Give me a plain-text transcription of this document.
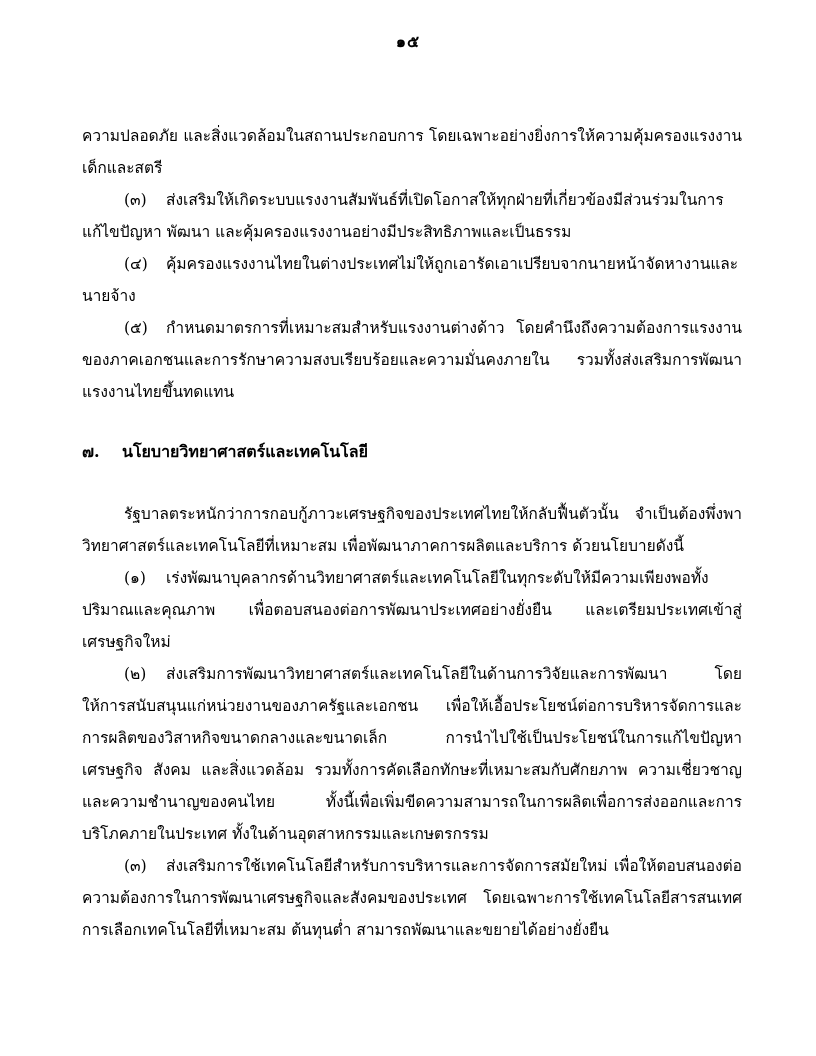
๑๕

ความปลอดภัย และสิ่งแวดล้อมในสถานประกอบการ โดยเฉพาะอย่างยิ่งการให้ความคุ้มครองแรงงานเด็กและสตรี

(๓) ส่งเสริมให้เกิดระบบแรงงานสัมพันธ์ที่เปิดโอกาสให้ทุกฝ่ายที่เกี่ยวข้องมีส่วนร่วมในการแก้ไขปัญหา พัฒนา และคุ้มครองแรงงานอย่างมีประสิทธิภาพและเป็นธรรม

(๔) คุ้มครองแรงงานไทยในต่างประเทศไม่ให้ถูกเอารัดเอาเปรียบจากนายหน้าจัดหางานและนายจ้าง

(๕) กำหนดมาตรการที่เหมาะสมสำหรับแรงงานต่างด้าว โดยคำนึงถึงความต้องการแรงงานของภาคเอกชนและการรักษาความสงบเรียบร้อยและความมั่นคงภายใน รวมทั้งส่งเสริมการพัฒนาแรงงานไทยขึ้นทดแทน

๗. นโยบายวิทยาศาสตร์และเทคโนโลยี

รัฐบาลตระหนักว่าการกอบกู้ภาวะเศรษฐกิจของประเทศไทยให้กลับฟื้นตัวนั้น จำเป็นต้องพึ่งพาวิทยาศาสตร์และเทคโนโลยีที่เหมาะสม เพื่อพัฒนาภาคการผลิตและบริการ ด้วยนโยบายดังนี้

(๑) เร่งพัฒนาบุคลากรด้านวิทยาศาสตร์และเทคโนโลยีในทุกระดับให้มีความเพียงพอทั้งปริมาณและคุณภาพ เพื่อตอบสนองต่อการพัฒนาประเทศอย่างยั่งยืน และเตรียมประเทศเข้าสู่เศรษฐกิจใหม่

(๒) ส่งเสริมการพัฒนาวิทยาศาสตร์และเทคโนโลยีในด้านการวิจัยและการพัฒนา โดยให้การสนับสนุนแก่หน่วยงานของภาครัฐและเอกชน เพื่อให้เอื้อประโยชน์ต่อการบริหารจัดการและการผลิตของวิสาหกิจขนาดกลางและขนาดเล็ก การนำไปใช้เป็นประโยชน์ในการแก้ไขปัญหาเศรษฐกิจ สังคม และสิ่งแวดล้อม รวมทั้งการคัดเลือกทักษะที่เหมาะสมกับศักยภาพ ความเชี่ยวชาญและความชำนาญของคนไทย ทั้งนี้เพื่อเพิ่มขีดความสามารถในการผลิตเพื่อการส่งออกและการบริโภคภายในประเทศ ทั้งในด้านอุตสาหกรรมและเกษตรกรรม

(๓) ส่งเสริมการใช้เทคโนโลยีสำหรับการบริหารและการจัดการสมัยใหม่ เพื่อให้ตอบสนองต่อความต้องการในการพัฒนาเศรษฐกิจและสังคมของประเทศ โดยเฉพาะการใช้เทคโนโลยีสารสนเทศ การเลือกเทคโนโลยีที่เหมาะสม ต้นทุนต่ำ สามารถพัฒนาและขยายได้อย่างยั่งยืน
